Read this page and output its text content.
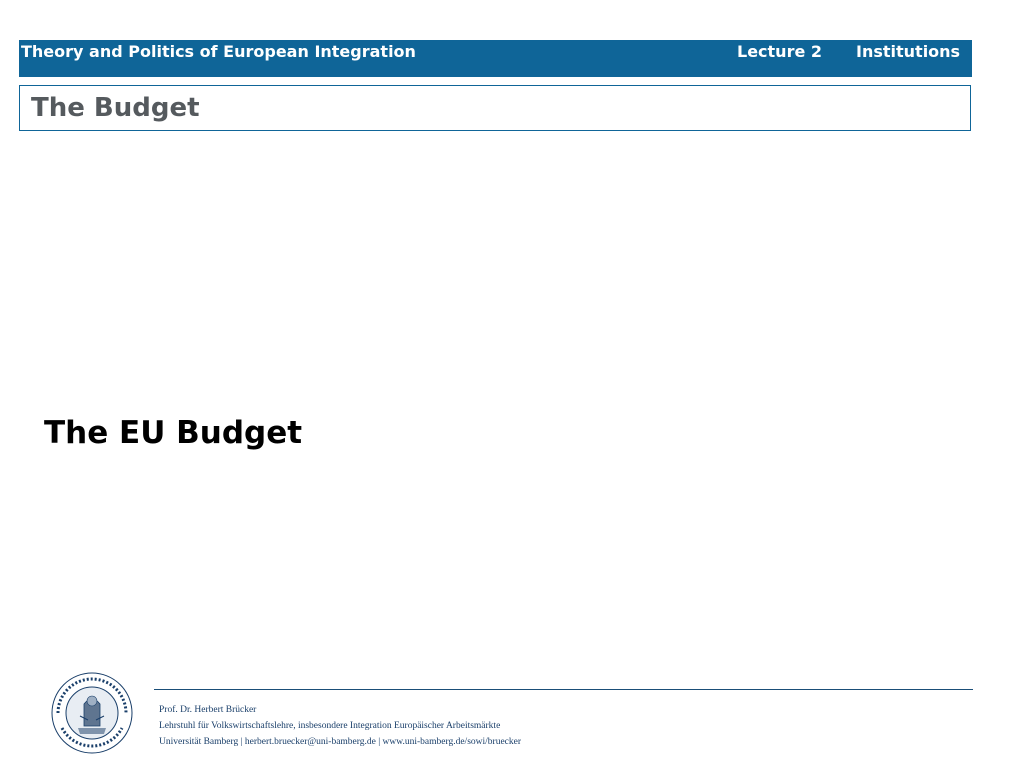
Theory and Politics of European Integration	Lecture 2 Institutions
The Budget
The EU Budget
Prof. Dr. Herbert Brücker
Lehrstuhl für Volkswirtschaftslehre, insbesondere Integration Europäischer Arbeitsmärkte
Universität Bamberg | herbert.bruecker@uni-bamberg.de | www.uni-bamberg.de/sowi/bruecker
